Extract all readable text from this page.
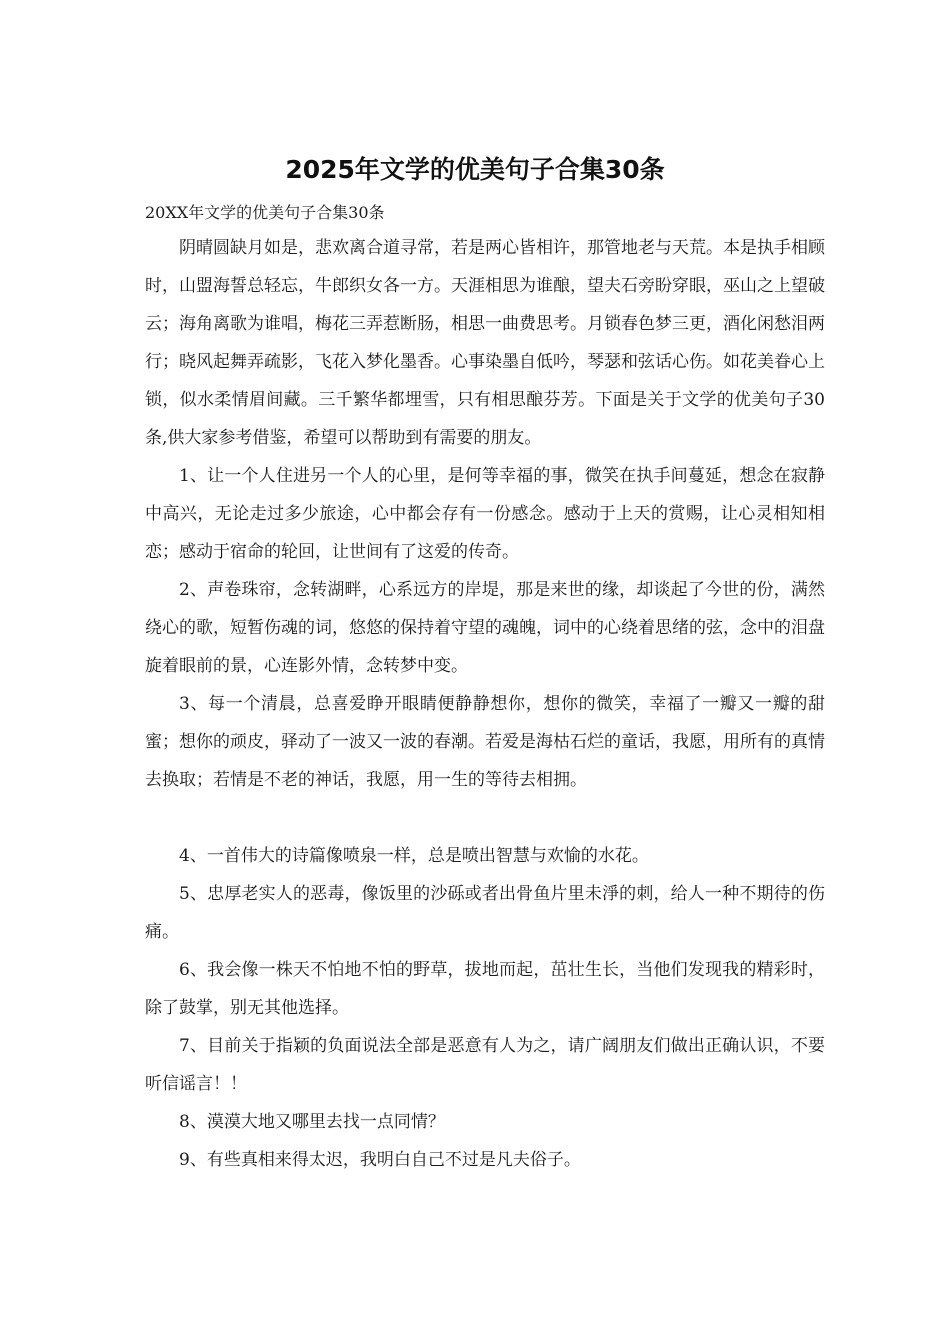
2025年文学的优美句子合集30条

20XX年文学的优美句子合集30条

阴晴圆缺月如是，悲欢离合道寻常，若是两心皆相许，那管地老与天荒。本是执手相顾时，山盟海誓总轻忘，牛郎织女各一方。天涯相思为谁酿，望夫石旁盼穿眼，巫山之上望破云；海角离歌为谁唱，梅花三弄惹断肠，相思一曲费思考。月锁春色梦三更，酒化闲愁泪两行；晓风起舞弄疏影，飞花入梦化墨香。心事染墨自低吟，琴瑟和弦话心伤。如花美眷心上锁，似水柔情眉间藏。三千繁华都埋雪，只有相思酿芬芳。下面是关于文学的优美句子30条,供大家参考借鉴，希望可以帮助到有需要的朋友。

1、让一个人住进另一个人的心里，是何等幸福的事，微笑在执手间蔓延，想念在寂静中高兴，无论走过多少旅途，心中都会存有一份感念。感动于上天的赏赐，让心灵相知相恋；感动于宿命的轮回，让世间有了这爱的传奇。

2、声卷珠帘，念转湖畔，心系远方的岸堤，那是来世的缘，却谈起了今世的份，满然绕心的歌，短暂伤魂的词，悠悠的保持着守望的魂魄，词中的心绕着思绪的弦，念中的泪盘旋着眼前的景，心连影外情，念转梦中变。

3、每一个清晨，总喜爱睁开眼睛便静静想你，想你的微笑，幸福了一瓣又一瓣的甜蜜；想你的顽皮，驿动了一波又一波的春潮。若爱是海枯石烂的童话，我愿，用所有的真情去换取；若情是不老的神话，我愿，用一生的等待去相拥。

4、一首伟大的诗篇像喷泉一样，总是喷出智慧与欢愉的水花。

5、忠厚老实人的恶毒，像饭里的沙砾或者出骨鱼片里未淨的刺，给人一种不期待的伤痛。

6、我会像一株天不怕地不怕的野草，拔地而起，茁壮生长，当他们发现我的精彩时，除了鼓掌，别无其他选择。

7、目前关于指颖的负面说法全部是恶意有人为之，请广阔朋友们做出正确认识，不要听信谣言！！

8、漠漠大地又哪里去找一点同情？

9、有些真相来得太迟，我明白自己不过是凡夫俗子。
